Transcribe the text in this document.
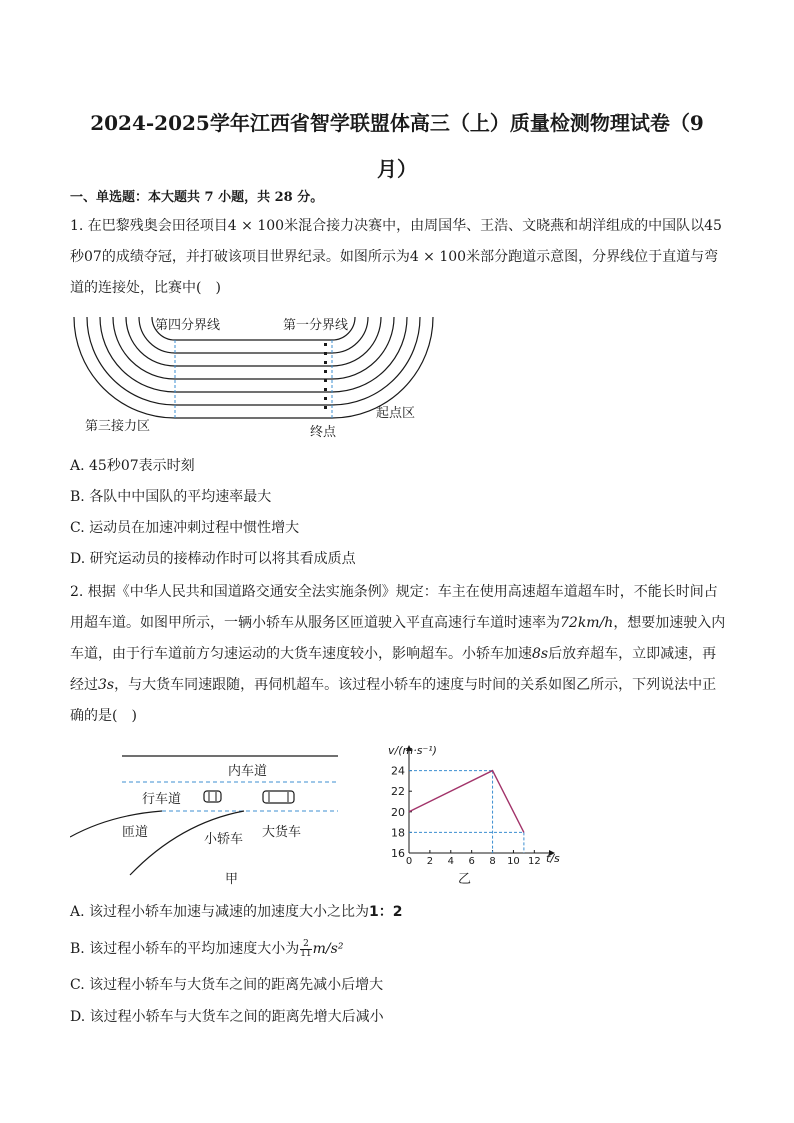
2024-2025学年江西省智学联盟体高三（上）质量检测物理试卷（9
月）
一、单选题：本大题共 7 小题，共 28 分。
1. 在巴黎残奥会田径项目4 × 100米混合接力决赛中，由周国华、王浩、文晓燕和胡洋组成的中国队以45秒07的成绩夺冠，并打破该项目世界纪录。如图所示为4 × 100米部分跑道示意图，分界线位于直道与弯道的连接处，比赛中(　)
第四分界线	第一分界线
第三接力区
起点区
终点
A. 45秒07表示时刻
B. 各队中中国队的平均速率最大
C. 运动员在加速冲刺过程中惯性增大
D. 研究运动员的接棒动作时可以将其看成质点
2. 根据《中华人民共和国道路交通安全法实施条例》规定：车主在使用高速超车道超车时，不能长时间占用超车道。如图甲所示，一辆小轿车从服务区匝道驶入平直高速行车道时速率为72km/h，想要加速驶入内车道，由于行车道前方匀速运动的大货车速度较小，影响超车。小轿车加速8s后放弃超车，立即减速，再经过3s，与大货车同速跟随，再伺机超车。该过程小轿车的速度与时间的关系如图乙所示，下列说法中正确的是(　)
内车道
行车道
匝道	小轿车 大货车
甲
0 2 4 6 8 10 12
16
18
20
22
24
v/(m·s⁻¹)
t/s
乙
A. 该过程小轿车加速与减速的加速度大小之比为1：2
B. 该过程小轿车的平均加速度大小为 $\frac{2}{11} m/s^2$
C. 该过程小轿车与大货车之间的距离先减小后增大
D. 该过程小轿车与大货车之间的距离先增大后减小
